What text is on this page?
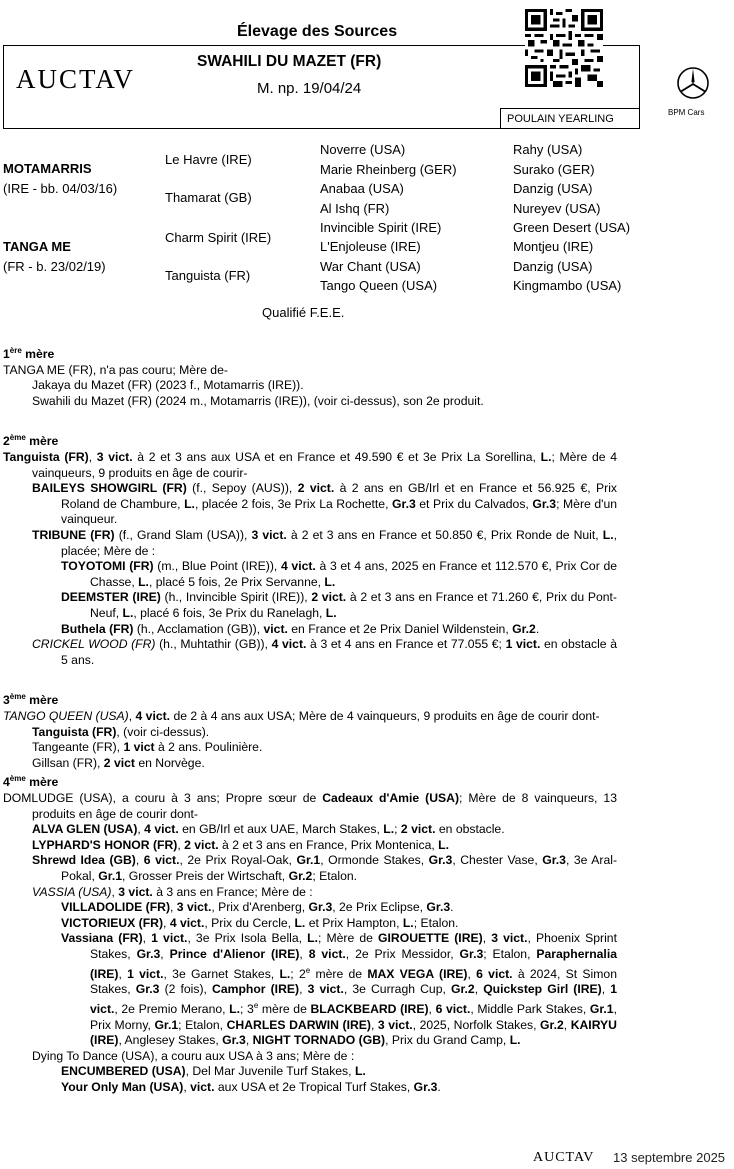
Élevage des Sources
AUCTAV
SWAHILI DU MAZET (FR)
M. np. 19/04/24
POULAIN YEARLING
BPM Cars
MOTAMARRIS
(IRE - bb. 04/03/16)
TANGA ME
(FR - b. 23/02/19)
Le Havre (IRE)
Thamarat (GB)
Charm Spirit (IRE)
Tanguista (FR)
Noverre (USA)
Marie Rheinberg (GER)
Anabaa (USA)
Al Ishq (FR)
Invincible Spirit (IRE)
L'Enjoleuse (IRE)
War Chant (USA)
Tango Queen (USA)
Rahy (USA)
Surako (GER)
Danzig (USA)
Nureyev (USA)
Green Desert (USA)
Montjeu (IRE)
Danzig (USA)
Kingmambo (USA)
Qualifié F.E.E.

1ère mère

TANGA ME (FR), n'a pas couru; Mère de-

Jakaya du Mazet (FR) (2023 f., Motamarris (IRE)).

Swahili du Mazet (FR) (2024 m., Motamarris (IRE)), (voir ci-dessus), son 2e produit.

2ème mère

Tanguista (FR), 3 vict. à 2 et 3 ans aux USA et en France et 49.590 € et 3e Prix La Sorellina, L.; Mère de 4 vainqueurs, 9 produits en âge de courir-

BAILEYS SHOWGIRL (FR) (f., Sepoy (AUS)), 2 vict. à 2 ans en GB/Irl et en France et 56.925 €, Prix Roland de Chambure, L., placée 2 fois, 3e Prix La Rochette, Gr.3 et Prix du Calvados, Gr.3; Mère d'un vainqueur.

TRIBUNE (FR) (f., Grand Slam (USA)), 3 vict. à 2 et 3 ans en France et 50.850 €, Prix Ronde de Nuit, L., placée; Mère de :

TOYOTOMI (FR) (m., Blue Point (IRE)), 4 vict. à 3 et 4 ans, 2025 en France et 112.570 €, Prix Cor de Chasse, L., placé 5 fois, 2e Prix Servanne, L.

DEEMSTER (IRE) (h., Invincible Spirit (IRE)), 2 vict. à 2 et 3 ans en France et 71.260 €, Prix du Pont-Neuf, L., placé 6 fois, 3e Prix du Ranelagh, L.

Buthela (FR) (h., Acclamation (GB)), vict. en France et 2e Prix Daniel Wildenstein, Gr.2.

CRICKEL WOOD (FR) (h., Muhtathir (GB)), 4 vict. à 3 et 4 ans en France et 77.055 €; 1 vict. en obstacle à 5 ans.

3ème mère

TANGO QUEEN (USA), 4 vict. de 2 à 4 ans aux USA; Mère de 4 vainqueurs, 9 produits en âge de courir dont-

Tanguista (FR), (voir ci-dessus).

Tangeante (FR), 1 vict à 2 ans. Poulinière.

Gillsan (FR), 2 vict en Norvège.

4ème mère

DOMLUDGE (USA), a couru à 3 ans; Propre sœur de Cadeaux d'Amie (USA); Mère de 8 vainqueurs, 13 produits en âge de courir dont-

ALVA GLEN (USA), 4 vict. en GB/Irl et aux UAE, March Stakes, L.; 2 vict. en obstacle.

LYPHARD'S HONOR (FR), 2 vict. à 2 et 3 ans en France, Prix Montenica, L.

Shrewd Idea (GB), 6 vict., 2e Prix Royal-Oak, Gr.1, Ormonde Stakes, Gr.3, Chester Vase, Gr.3, 3e Aral-Pokal, Gr.1, Grosser Preis der Wirtschaft, Gr.2; Etalon.

VASSIA (USA), 3 vict. à 3 ans en France; Mère de :

VILLADOLIDE (FR), 3 vict., Prix d'Arenberg, Gr.3, 2e Prix Eclipse, Gr.3.

VICTORIEUX (FR), 4 vict., Prix du Cercle, L. et Prix Hampton, L.; Etalon.

Vassiana (FR), 1 vict., 3e Prix Isola Bella, L.; Mère de GIROUETTE (IRE), 3 vict., Phoenix Sprint Stakes, Gr.3, Prince d'Alienor (IRE), 8 vict., 2e Prix Messidor, Gr.3; Etalon, Paraphernalia (IRE), 1 vict., 3e Garnet Stakes, L.; 2e mère de MAX VEGA (IRE), 6 vict. à 2024, St Simon Stakes, Gr.3 (2 fois), Camphor (IRE), 3 vict., 3e Curragh Cup, Gr.2, Quickstep Girl (IRE), 1 vict., 2e Premio Merano, L.; 3e mère de BLACKBEARD (IRE), 6 vict., Middle Park Stakes, Gr.1, Prix Morny, Gr.1; Etalon, CHARLES DARWIN (IRE), 3 vict., 2025, Norfolk Stakes, Gr.2, KAIRYU (IRE), Anglesey Stakes, Gr.3, NIGHT TORNADO (GB), Prix du Grand Camp, L.

Dying To Dance (USA), a couru aux USA à 3 ans; Mère de :

ENCUMBERED (USA), Del Mar Juvenile Turf Stakes, L.

Your Only Man (USA), vict. aux USA et 2e Tropical Turf Stakes, Gr.3.

AUCTAV 13 septembre 2025
